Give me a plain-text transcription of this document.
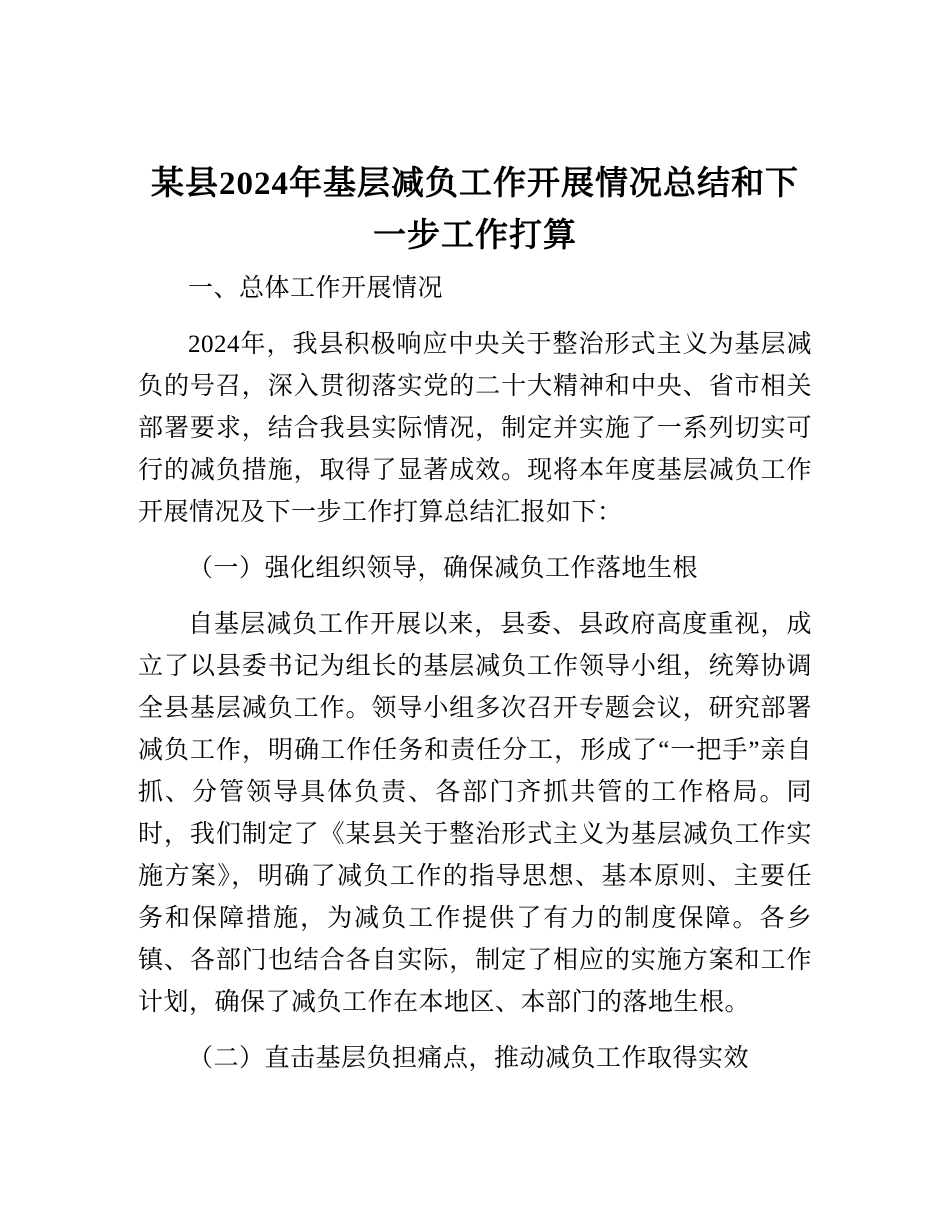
某县2024年基层减负工作开展情况总结和下一步工作打算

一、总体工作开展情况

2024年，我县积极响应中央关于整治形式主义为基层减负的号召，深入贯彻落实党的二十大精神和中央、省市相关部署要求，结合我县实际情况，制定并实施了一系列切实可行的减负措施，取得了显著成效。现将本年度基层减负工作开展情况及下一步工作打算总结汇报如下：

（一）强化组织领导，确保减负工作落地生根

自基层减负工作开展以来，县委、县政府高度重视，成立了以县委书记为组长的基层减负工作领导小组，统筹协调全县基层减负工作。领导小组多次召开专题会议，研究部署减负工作，明确工作任务和责任分工，形成了“一把手”亲自抓、分管领导具体负责、各部门齐抓共管的工作格局。同时，我们制定了《某县关于整治形式主义为基层减负工作实施方案》，明确了减负工作的指导思想、基本原则、主要任务和保障措施，为减负工作提供了有力的制度保障。各乡镇、各部门也结合各自实际，制定了相应的实施方案和工作计划，确保了减负工作在本地区、本部门的落地生根。

（二）直击基层负担痛点，推动减负工作取得实效
